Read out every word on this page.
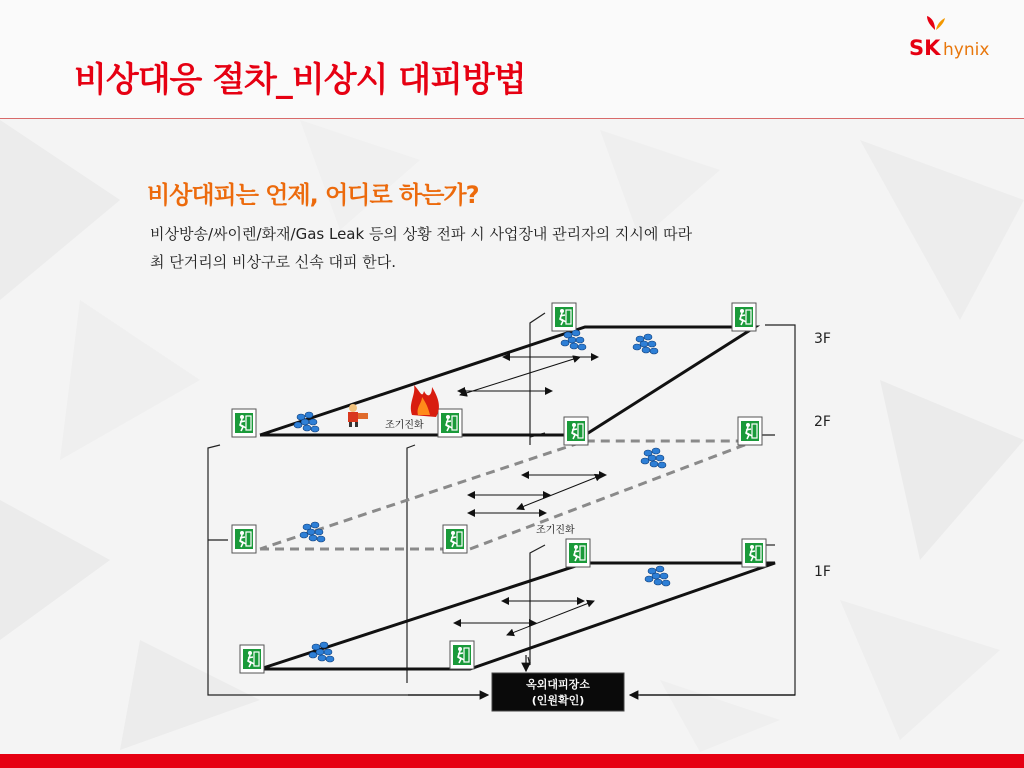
비상대응 절차_비상시 대피방법
SK hynix
비상대피는 언제, 어디로 하는가?
비상방송/싸이렌/화재/Gas Leak 등의 상황 전파 시 사업장내 관리자의 지시에 따라
최 단거리의 비상구로 신속 대피 한다.
조기진화
조기진화
옥외대피장소
(인원확인)
3F
2F
1F
